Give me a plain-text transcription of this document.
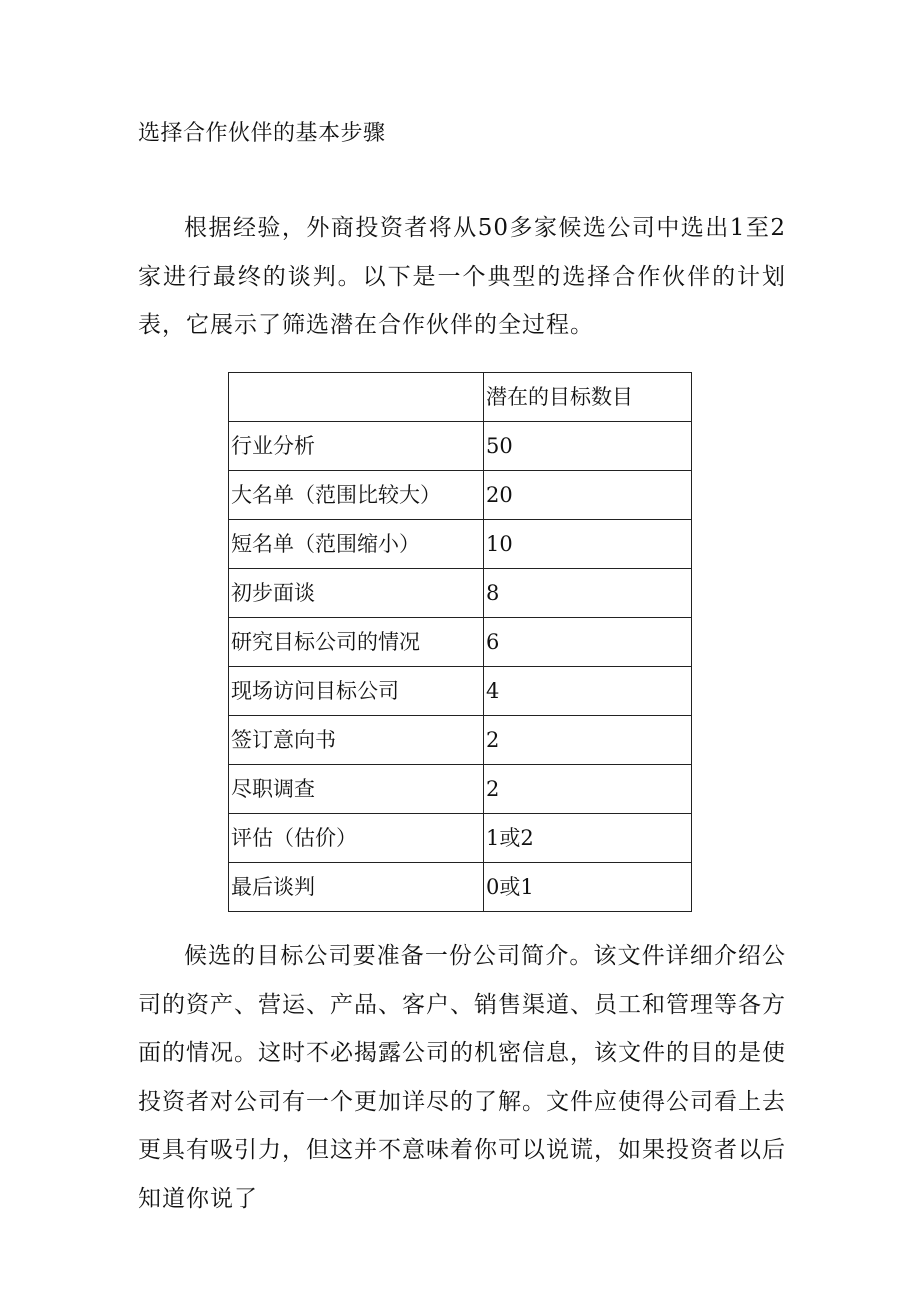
选择合作伙伴的基本步骤

根据经验，外商投资者将从50多家候选公司中选出1至2家进行最终的谈判。以下是一个典型的选择合作伙伴的计划表，它展示了筛选潜在合作伙伴的全过程。

	潜在的目标数目
行业分析	50
大名单（范围比较大）	20
短名单（范围缩小）	10
初步面谈	8
研究目标公司的情况	6
现场访问目标公司	4
签订意向书	2
尽职调查	2
评估（估价）	1或2
最后谈判	0或1

候选的目标公司要准备一份公司简介。该文件详细介绍公司的资产、营运、产品、客户、销售渠道、员工和管理等各方面的情况。这时不必揭露公司的机密信息，该文件的目的是使投资者对公司有一个更加详尽的了解。文件应使得公司看上去更具有吸引力，但这并不意味着你可以说谎，如果投资者以后知道你说了
